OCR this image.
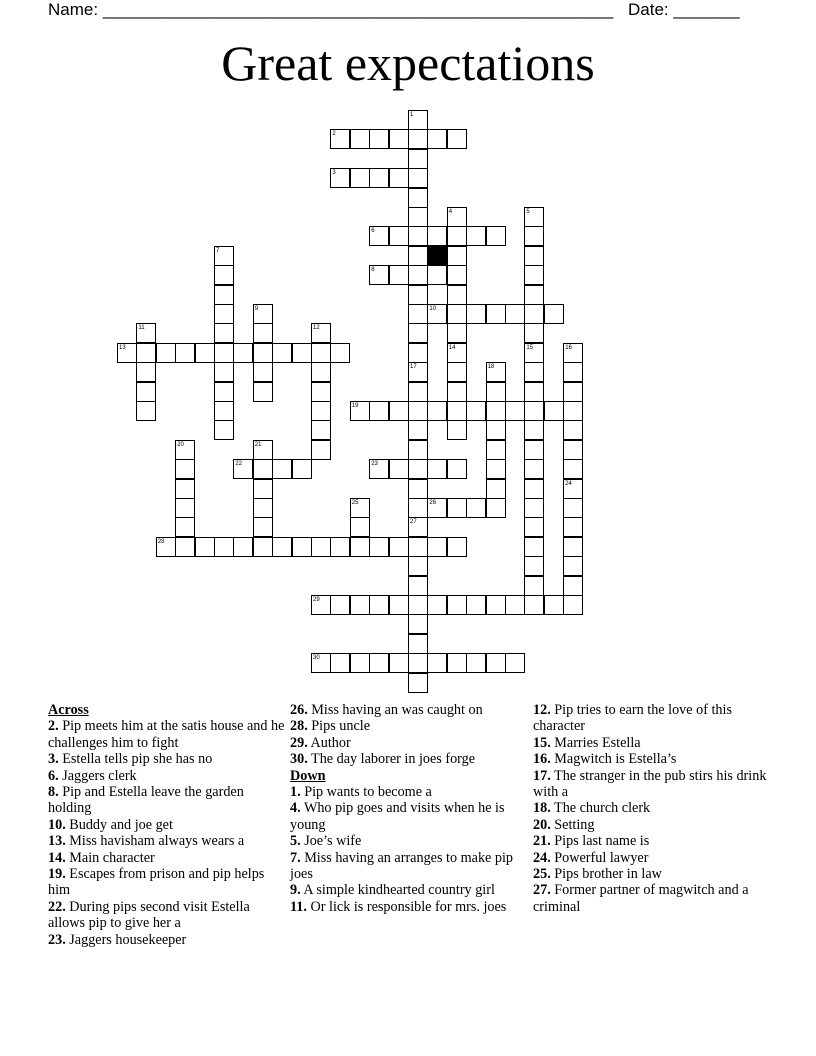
Name: ______________________________________________________ Date: _______
Great expectations
1
2
3
4	5
6
7
8
9	10
11	12
13	14	15	16
17	18
19
20	21
22	23
24
25	26
27
28
29
30
Across
2. Pip meets him at the satis house and he challenges him to fight
3. Estella tells pip she has no
6. Jaggers clerk
8. Pip and Estella leave the garden holding
10. Buddy and joe get
13. Miss havisham always wears a
14. Main character
19. Escapes from prison and pip helps him
22. During pips second visit Estella allows pip to give her a
23. Jaggers housekeeper
26. Miss having an was caught on
28. Pips uncle
29. Author
30. The day laborer in joes forge
Down
1. Pip wants to become a
4. Who pip goes and visits when he is young
5. Joe’s wife
7. Miss having an arranges to make pip joes
9. A simple kindhearted country girl
11. Or lick is responsible for mrs. joes
12. Pip tries to earn the love of this character
15. Marries Estella
16. Magwitch is Estella’s
17. The stranger in the pub stirs his drink with a
18. The church clerk
20. Setting
21. Pips last name is
24. Powerful lawyer
25. Pips brother in law
27. Former partner of magwitch and a criminal
